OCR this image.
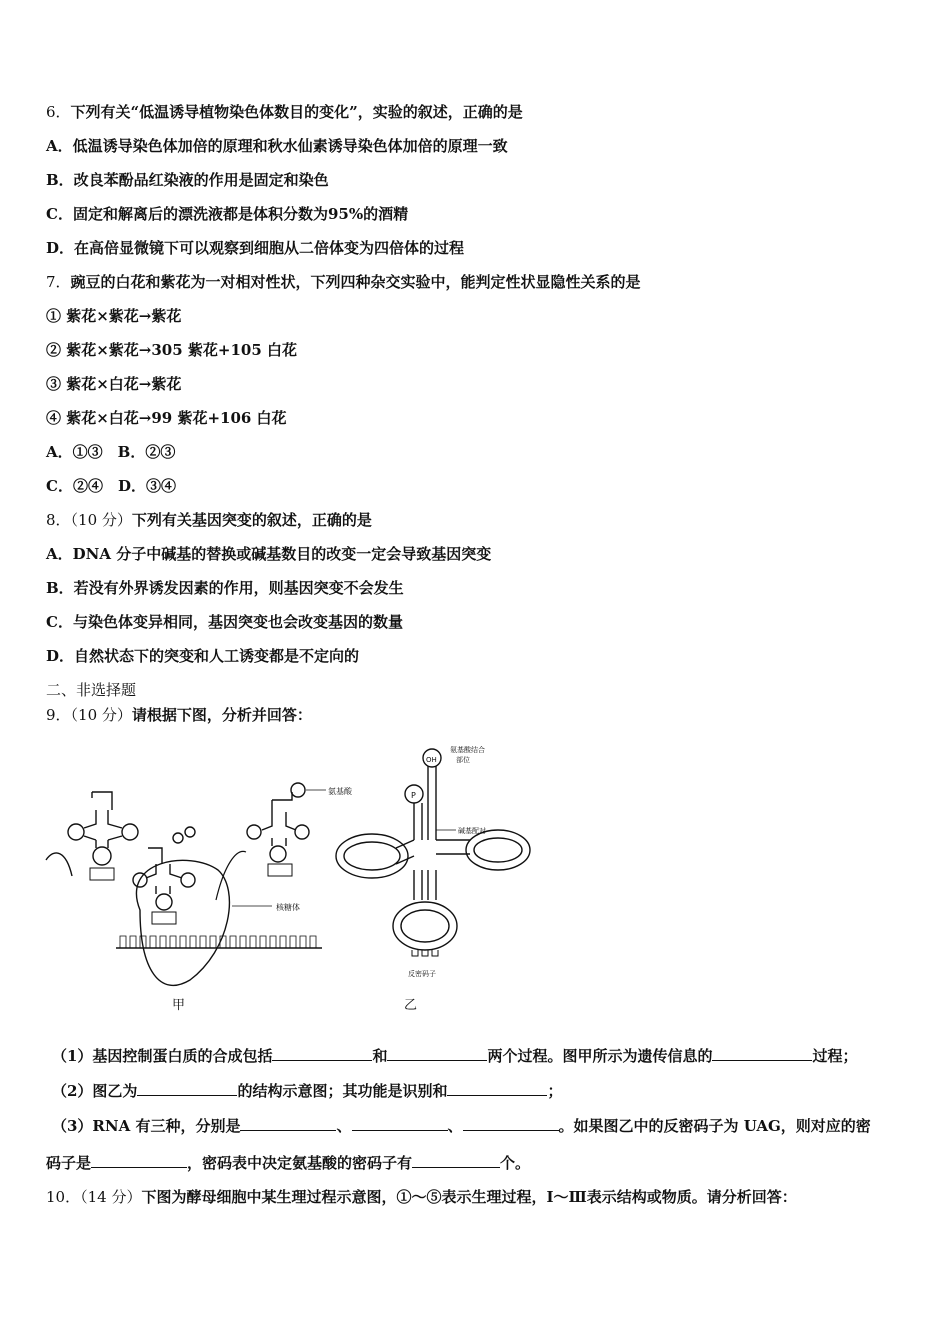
6．下列有关“低温诱导植物染色体数目的变化”，实验的叙述，正确的是
A．低温诱导染色体加倍的原理和秋水仙素诱导染色体加倍的原理一致
B．改良苯酚品红染液的作用是固定和染色
C．固定和解离后的漂洗液都是体积分数为95%的酒精
D．在高倍显微镜下可以观察到细胞从二倍体变为四倍体的过程
7．豌豆的白花和紫花为一对相对性状，下列四种杂交实验中，能判定性状显隐性关系的是
① 紫花×紫花→紫花
② 紫花×紫花→305 紫花+105 白花
③ 紫花×白花→紫花
④ 紫花×白花→99 紫花+106 白花
A．①③　B．②③
C．②④　D．③④
8．（10 分）下列有关基因突变的叙述，正确的是
A．DNA 分子中碱基的替换或碱基数目的改变一定会导致基因突变
B．若没有外界诱发因素的作用，则基因突变不会发生
C．与染色体变异相同，基因突变也会改变基因的数量
D．自然状态下的突变和人工诱变都是不定向的
二、非选择题
9．（10 分）请根据下图，分析并回答：
氨基酸
核糖体
OH
氨基酸结合
部位
P
碱基配对
反密码子
甲	乙
（1）基因控制蛋白质的合成包括	和	两个过程。图甲所示为遗传信息的	过程；
（2）图乙为	的结构示意图；其功能是识别和	；
（3）RNA 有三种，分别是	、	、	。如果图乙中的反密码子为 UAG，则对应的密
码子是	，密码表中决定氨基酸的密码子有	个。
10．（14 分）下图为酵母细胞中某生理过程示意图，①～⑤表示生理过程，Ⅰ～Ⅲ表示结构或物质。请分析回答：
